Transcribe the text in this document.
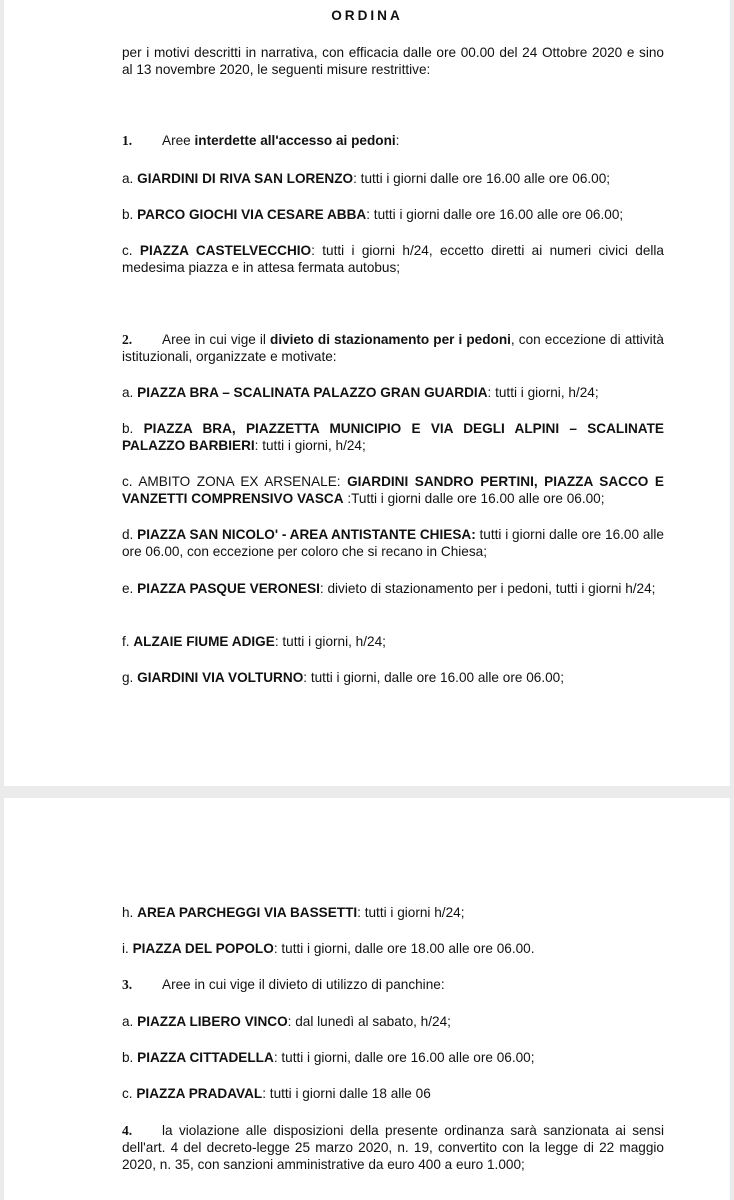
ORDINA

per i motivi descritti in narrativa, con efficacia dalle ore 00.00 del 24 Ottobre 2020 e sino al 13 novembre 2020, le seguenti misure restrittive:

1. Aree interdette all'accesso ai pedoni:

a. GIARDINI DI RIVA SAN LORENZO: tutti i giorni dalle ore 16.00 alle ore 06.00;

b. PARCO GIOCHI VIA CESARE ABBA: tutti i giorni dalle ore 16.00 alle ore 06.00;

c. PIAZZA CASTELVECCHIO: tutti i giorni h/24, eccetto diretti ai numeri civici della medesima piazza e in attesa fermata autobus;

2. Aree in cui vige il divieto di stazionamento per i pedoni, con eccezione di attività istituzionali, organizzate e motivate:

a. PIAZZA BRA – SCALINATA PALAZZO GRAN GUARDIA: tutti i giorni, h/24;

b. PIAZZA BRA, PIAZZETTA MUNICIPIO E VIA DEGLI ALPINI – SCALINATE PALAZZO BARBIERI: tutti i giorni, h/24;

c. AMBITO ZONA EX ARSENALE: GIARDINI SANDRO PERTINI, PIAZZA SACCO E VANZETTI COMPRENSIVO VASCA :Tutti i giorni dalle ore 16.00 alle ore 06.00;

d. PIAZZA SAN NICOLO' - AREA ANTISTANTE CHIESA: tutti i giorni dalle ore 16.00 alle ore 06.00, con eccezione per coloro che si recano in Chiesa;

e. PIAZZA PASQUE VERONESI: divieto di stazionamento per i pedoni, tutti i giorni h/24;

f. ALZAIE FIUME ADIGE: tutti i giorni, h/24;

g. GIARDINI VIA VOLTURNO: tutti i giorni, dalle ore 16.00 alle ore 06.00;

h. AREA PARCHEGGI VIA BASSETTI: tutti i giorni h/24;

i. PIAZZA DEL POPOLO: tutti i giorni, dalle ore 18.00 alle ore 06.00.

3. Aree in cui vige il divieto di utilizzo di panchine:

a. PIAZZA LIBERO VINCO: dal lunedì al sabato, h/24;

b. PIAZZA CITTADELLA: tutti i giorni, dalle ore 16.00 alle ore 06.00;

c. PIAZZA PRADAVAL: tutti i giorni dalle 18 alle 06

4. la violazione alle disposizioni della presente ordinanza sarà sanzionata ai sensi dell'art. 4 del decreto-legge 25 marzo 2020, n. 19, convertito con la legge di 22 maggio 2020, n. 35, con sanzioni amministrative da euro 400 a euro 1.000;
